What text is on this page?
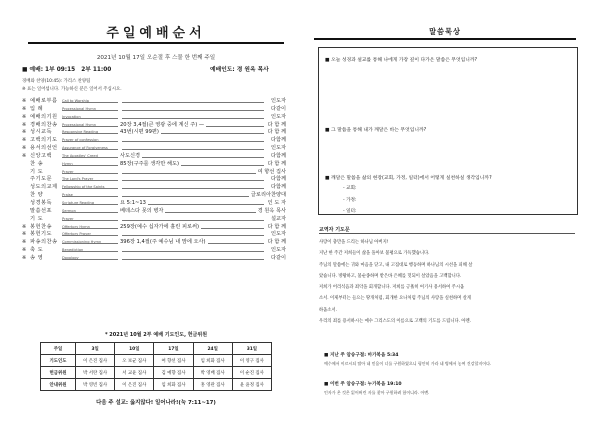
주일예배순서
2021년 10월 17일 오순절 후 스물 한 번째 주일
■ 예배: 1부 09:15 2부 11:00	예배인도: 경 원옥 목사
경배와 찬양(10:45): 가리스 찬양팀
※ 표는 일어섭니다. 가능하신 분은 일어서 주십시요.
※ 예배로부름 Call to Worship	인도자
※ 입 례	Processional Hymn	다같이
※ 예배의기원 Invocation	인도자
※ 경배의찬송 Processional Hymn	20장 3,4절(큰 영광 중에 계신 주) —	다 함 께
※ 성시교독	Responsive Reading	43번(시편 99편)	다 함 께
※ 고백의기도 Prayer of confession	다함께
※ 용서의선언 Assurance of Forgiveness	인도자
※ 신앙고백	The Apostles' Creed	사도신경	다함께
찬 송	Hymn	85장(구주를 생각만 해도)	다 함 께
기 도	Prayer	여 향선 집사
주기도문	The Lord's Prayer	다함께
성도의교제 Fellowship of the Saints	다함께
찬 양	Praise	글로리아찬양대
성경봉독	Scripture Reading	요 5:1~13	인 도 자
말씀선포	Sermon	베데스다 못의 병자	경 원옥 목사
기 도	Prayer	설교자
※ 봉헌찬송	Offertory Hymn	259장(예수 십자가에 흘린 피로써)	다 함 께
※ 봉헌기도	Offertory Prayer	인도자
※ 파송의찬송 Commissioning Hymn	396장 1,4절(주 예수님 내 맘에 오사)	다 함 께
※ 축 도	Benediction	인도자
※ 송 영	Doxology	다같이
* 2021년 10월 2부 예배 기도인도, 헌금위원
주일	3일	10일	17일	24일	31일
기도인도	이 은진 집사	오 보균 집사	여 향선 집사	임 희화 집사	이 영구 집사
헌금위원	박 서란 집사	서 교윤 집사	김 예향 집사	박 영배 집사	이 순진 집사
안내위원	박 영빈 집사	이 은진 집사	임 희화 집사	홍 영관 집사	윤 윤정 집사
다음 주 설교: 옳지않다! 일어나라!(눅 7:11~17)
말씀묵상
■ 오늘 성경과 설교를 통해 나에게 가장 깊이 다가온 말씀은 무엇입니까?
■ 그 말씀을 통해 내가 깨달은 바는 무엇입니까?
■ 깨달은 말씀을 삶의 현장(교회, 가정, 일터)에서 어떻게 실천하실 생각입니까?
- 교회:
- 가정:
- 일터:
교역자 기도문
사랑이 충만을 드리는 하나님 아버지!
지난 한 주간 저희들이 삶을 돌아보 불평으로 가득했습니다.
주님의 말씀에는 귀와 마음을 닫고, 내 고집대로 행동하며 하나님의 시선을 피해 살
았습니다. 방황하고, 불순종하며 받은바 은혜를 헛되이 살았음을 고백합니다.
저희가 어리석음과 죄악을 회개합니다. 저희를 긍휼히 여기사 용서하여 주시옵
소서. 이제부터는 들으는 땅개처럼, 회개한 요나처럼 주님의 사랑을 실천하며 살게
하옵소서.
우리의 죄를 용서하시는 예수 그리스도의 이름으로 고백의 기도를 드립니다. 아멘.
■ 지난 주 암송구절: 마가복음 5:34
예수께서 이르시되 딸아 네 믿음이 너를 구원하였으니 평안히 가라 네 병에서 놓여 건강할지어다.
■ 이번 주 암송구절: 누가복음 19:10
인자가 온 것은 잃어버린 자를 찾아 구원하려 함이니라. 아멘.
